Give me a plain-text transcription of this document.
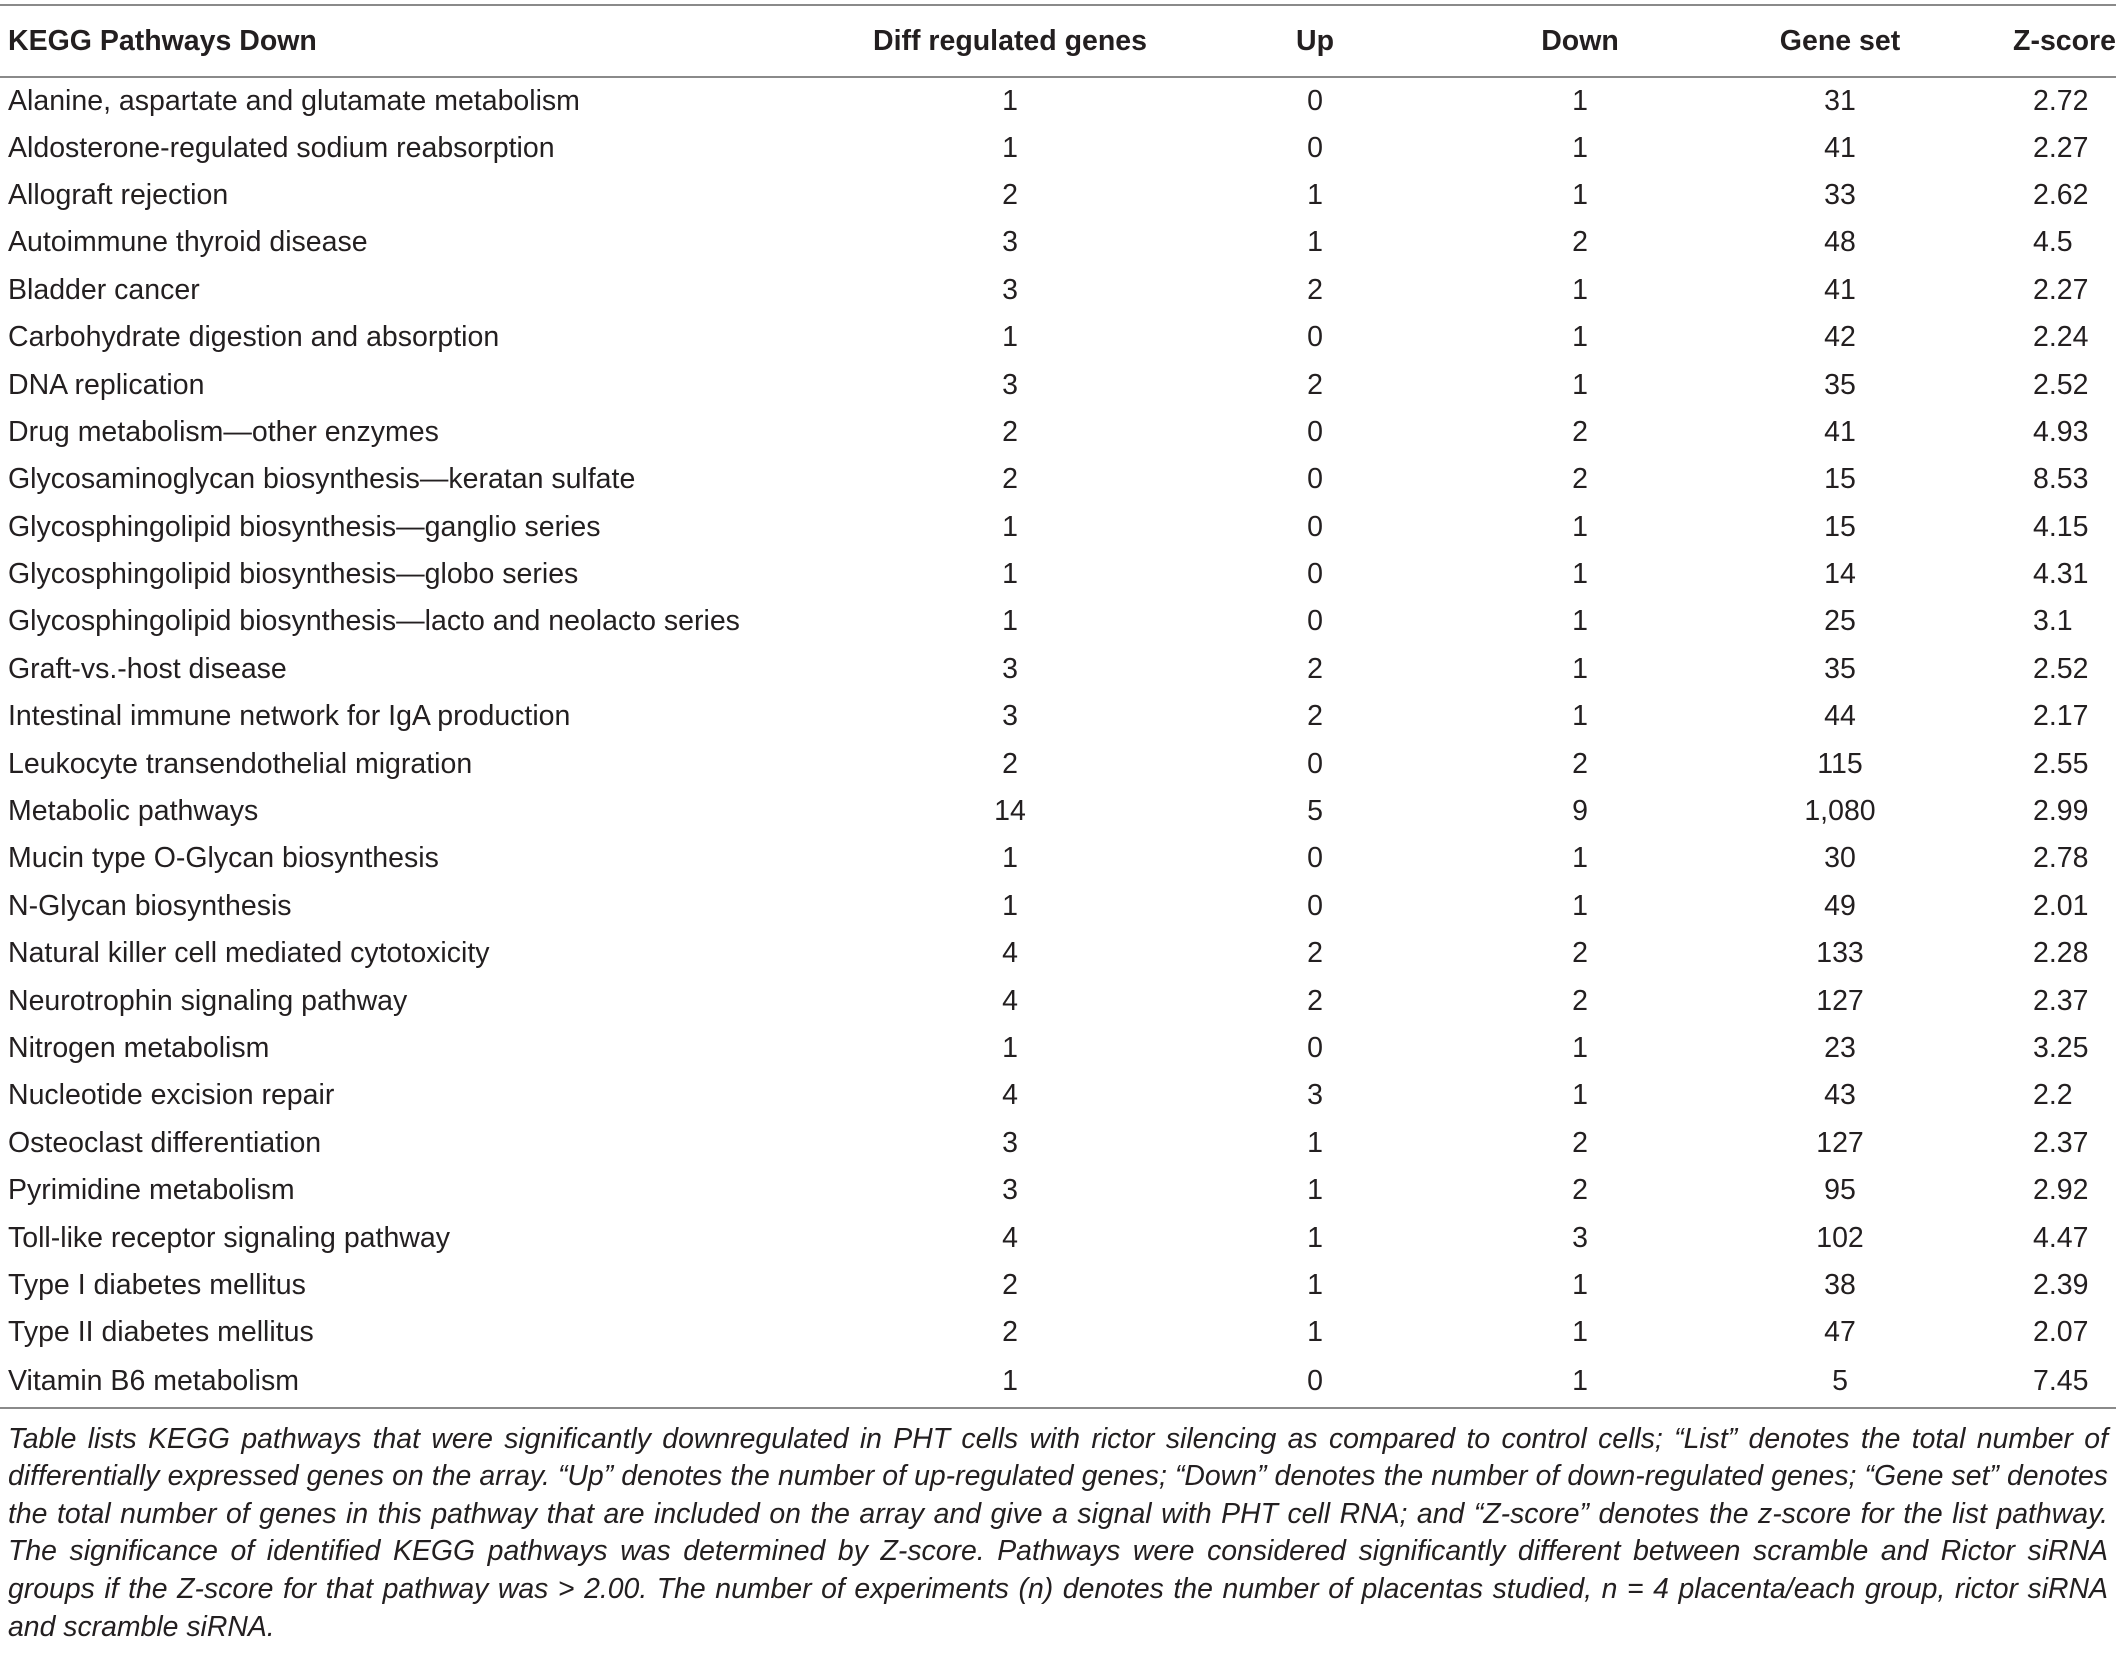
KEGG Pathways Down	Diff regulated genes	Up	Down	Gene set	Z-score
Alanine, aspartate and glutamate metabolism	1	0	1	31	2.72
Aldosterone-regulated sodium reabsorption	1	0	1	41	2.27
Allograft rejection	2	1	1	33	2.62
Autoimmune thyroid disease	3	1	2	48	4.5
Bladder cancer	3	2	1	41	2.27
Carbohydrate digestion and absorption	1	0	1	42	2.24
DNA replication	3	2	1	35	2.52
Drug metabolism—other enzymes	2	0	2	41	4.93
Glycosaminoglycan biosynthesis—keratan sulfate	2	0	2	15	8.53
Glycosphingolipid biosynthesis—ganglio series	1	0	1	15	4.15
Glycosphingolipid biosynthesis—globo series	1	0	1	14	4.31
Glycosphingolipid biosynthesis—lacto and neolacto series	1	0	1	25	3.1
Graft-vs.-host disease	3	2	1	35	2.52
Intestinal immune network for IgA production	3	2	1	44	2.17
Leukocyte transendothelial migration	2	0	2	115	2.55
Metabolic pathways	14	5	9	1,080	2.99
Mucin type O-Glycan biosynthesis	1	0	1	30	2.78
N-Glycan biosynthesis	1	0	1	49	2.01
Natural killer cell mediated cytotoxicity	4	2	2	133	2.28
Neurotrophin signaling pathway	4	2	2	127	2.37
Nitrogen metabolism	1	0	1	23	3.25
Nucleotide excision repair	4	3	1	43	2.2
Osteoclast differentiation	3	1	2	127	2.37
Pyrimidine metabolism	3	1	2	95	2.92
Toll-like receptor signaling pathway	4	1	3	102	4.47
Type I diabetes mellitus	2	1	1	38	2.39
Type II diabetes mellitus	2	1	1	47	2.07
Vitamin B6 metabolism	1	0	1	5	7.45
Table lists KEGG pathways that were significantly downregulated in PHT cells with rictor silencing as compared to control cells; “List” denotes the total number of differentially expressed genes on the array. “Up” denotes the number of up-regulated genes; “Down” denotes the number of down-regulated genes; “Gene set” denotes the total number of genes in this pathway that are included on the array and give a signal with PHT cell RNA; and “Z-score” denotes the z-score for the list pathway. The significance of identified KEGG pathways was determined by Z-score. Pathways were considered significantly different between scramble and Rictor siRNA groups if the Z-score for that pathway was > 2.00. The number of experiments (n) denotes the number of placentas studied, n = 4 placenta/each group, rictor siRNA and scramble siRNA.
